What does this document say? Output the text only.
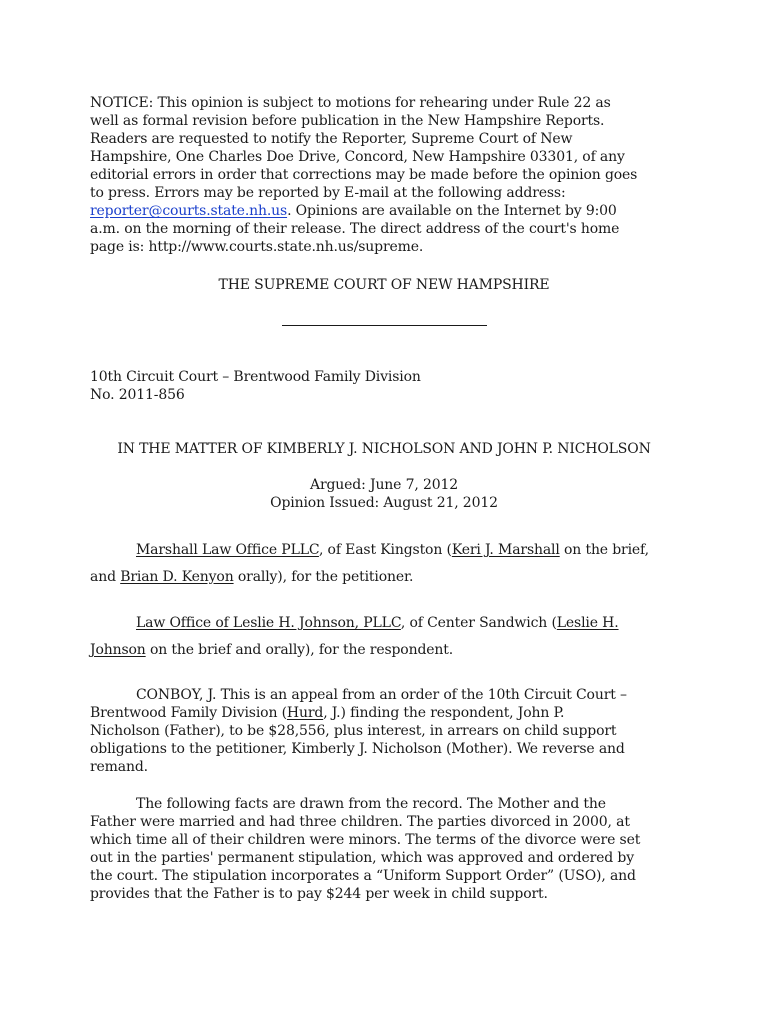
NOTICE: This opinion is subject to motions for rehearing under Rule 22 as
well as formal revision before publication in the New Hampshire Reports.
Readers are requested to notify the Reporter, Supreme Court of New
Hampshire, One Charles Doe Drive, Concord, New Hampshire 03301, of any
editorial errors in order that corrections may be made before the opinion goes
to press. Errors may be reported by E-mail at the following address:
reporter@courts.state.nh.us. Opinions are available on the Internet by 9:00
a.m. on the morning of their release. The direct address of the court's home
page is: http://www.courts.state.nh.us/supreme.
THE SUPREME COURT OF NEW HAMPSHIRE
10th Circuit Court – Brentwood Family Division
No. 2011-856
IN THE MATTER OF KIMBERLY J. NICHOLSON AND JOHN P. NICHOLSON
Argued: June 7, 2012
Opinion Issued: August 21, 2012
Marshall Law Office PLLC, of East Kingston (Keri J. Marshall on the brief,
and Brian D. Kenyon orally), for the petitioner.
Law Office of Leslie H. Johnson, PLLC, of Center Sandwich (Leslie H.
Johnson on the brief and orally), for the respondent.
CONBOY, J. This is an appeal from an order of the 10th Circuit Court –
Brentwood Family Division (Hurd, J.) finding the respondent, John P.
Nicholson (Father), to be $28,556, plus interest, in arrears on child support
obligations to the petitioner, Kimberly J. Nicholson (Mother). We reverse and
remand.
The following facts are drawn from the record. The Mother and the
Father were married and had three children. The parties divorced in 2000, at
which time all of their children were minors. The terms of the divorce were set
out in the parties' permanent stipulation, which was approved and ordered by
the court. The stipulation incorporates a “Uniform Support Order” (USO), and
provides that the Father is to pay $244 per week in child support.
